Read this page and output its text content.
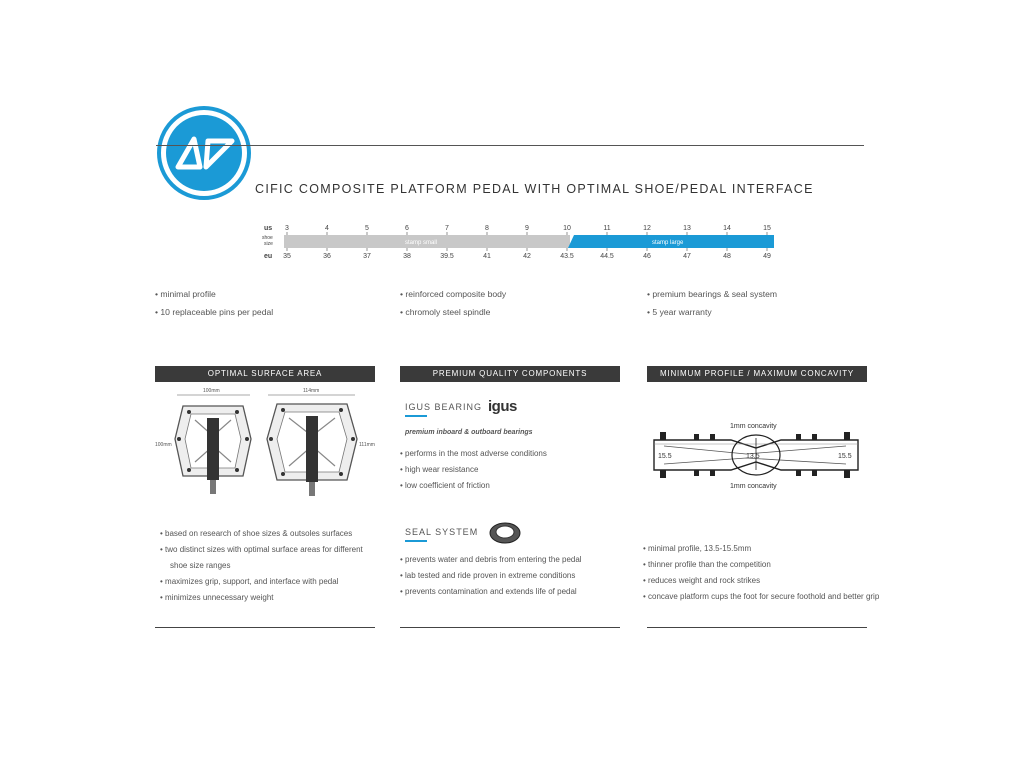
CIFIC COMPOSITE PLATFORM PEDAL WITH OPTIMAL SHOE/PEDAL INTERFACE
us
shoe size
eu
stamp small	stamp large
3	4	5	6	7	8	9	10	11	12	13	14	15
35	36	37	38	39.5	41	42	43.5	44.5	46	47	48	49
• minimal profile
• 10 replaceable pins per pedal
• reinforced composite body
• chromoly steel spindle
• premium bearings & seal system
• 5 year warranty
OPTIMAL SURFACE AREA
100mm	114mm
100mm	111mm
• based on research of shoe sizes & outsoles surfaces
• two distinct sizes with optimal surface areas for different
shoe size ranges
• maximizes grip, support, and interface with pedal
• minimizes unnecessary weight
PREMIUM QUALITY COMPONENTS
IGUS BEARING igus
premium inboard & outboard bearings
• performs in the most adverse conditions
• high wear resistance
• low coefficient of friction
SEAL SYSTEM
• prevents water and debris from entering the pedal
• lab tested and ride proven in extreme conditions
• prevents contamination and extends life of pedal
MINIMUM PROFILE / MAXIMUM CONCAVITY
1mm concavity
1mm concavity
15.5	13.5	15.5
• minimal profile, 13.5-15.5mm
• thinner profile than the competition
• reduces weight and rock strikes
• concave platform cups the foot for secure foothold and better grip
